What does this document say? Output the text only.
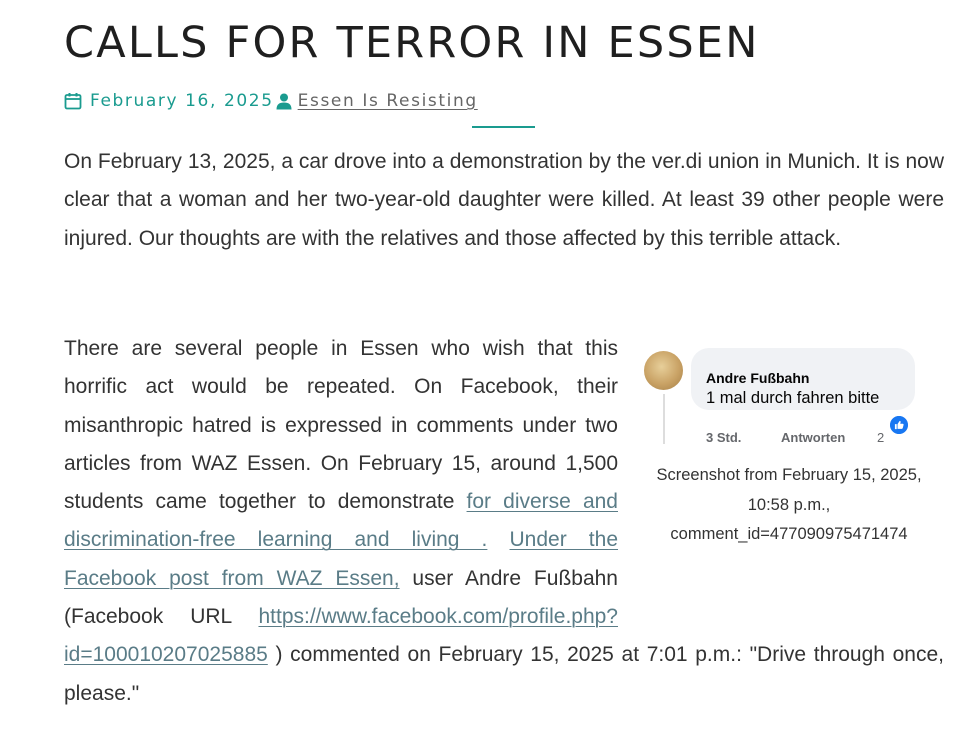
CALLS FOR TERROR IN ESSEN
February 16, 2025 Essen Is Resisting

On February 13, 2025, a car drove into a demonstration by the ver.di union in Munich. It is now clear that a woman and her two-year-old daughter were killed. At least 39 other people were injured. Our thoughts are with the relatives and those affected by this terrible attack.

Andre Fußbahn
1 mal durch fahren bitte
3 Std.	Antworten 2
Screenshot from February 15, 2025, 10:58 p.m., comment_id=477090975471474
There are several people in Essen who wish that this horrific act would be repeated. On Facebook, their misanthropic hatred is expressed in comments under two articles from WAZ Essen. On February 15, around 1,500 students came together to demonstrate for diverse and discrimination-free learning and living . Under the Facebook post from WAZ Essen, user Andre Fußbahn (Facebook URL https://www.facebook.com/profile.php?id=100010207025885 ) commented on February 15, 2025 at 7:01 p.m.: "Drive through once, please."
